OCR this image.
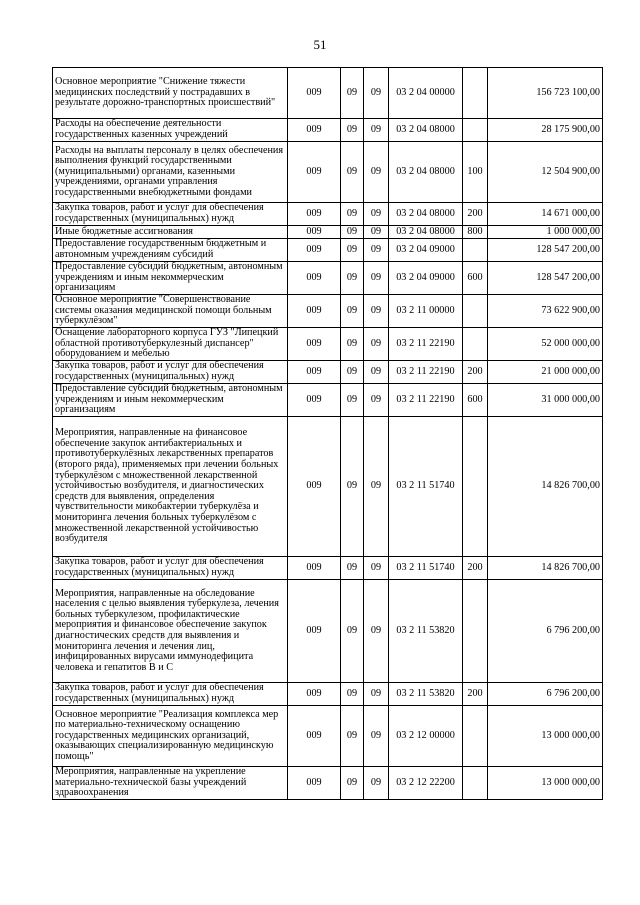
51
Основное мероприятие "Снижение тяжести медицинских последствий у пострадавших в результате дорожно-транспортных происшествий"	009	09	09	03 2 04 00000		156 723 100,00
Расходы на обеспечение деятельности государственных казенных учреждений	009	09	09	03 2 04 08000		28 175 900,00
Расходы на выплаты персоналу в целях обеспечения выполнения функций государственными (муниципальными) органами, казенными учреждениями, органами управления государственными внебюджетными фондами	009	09	09	03 2 04 08000	100	12 504 900,00
Закупка товаров, работ и услуг для обеспечения государственных (муниципальных) нужд	009	09	09	03 2 04 08000	200	14 671 000,00
Иные бюджетные ассигнования	009	09	09	03 2 04 08000	800	1 000 000,00
Предоставление государственным бюджетным и автономным учреждениям субсидий	009	09	09	03 2 04 09000		128 547 200,00
Предоставление субсидий бюджетным, автономным учреждениям и иным некоммерческим организациям	009	09	09	03 2 04 09000	600	128 547 200,00
Основное мероприятие "Совершенствование системы оказания медицинской помощи больным туберкулёзом"	009	09	09	03 2 11 00000		73 622 900,00
Оснащение лабораторного корпуса ГУЗ "Липецкий областной противотуберкулезный диспансер" оборудованием и мебелью	009	09	09	03 2 11 22190		52 000 000,00
Закупка товаров, работ и услуг для обеспечения государственных (муниципальных) нужд	009	09	09	03 2 11 22190	200	21 000 000,00
Предоставление субсидий бюджетным, автономным учреждениям и иным некоммерческим организациям	009	09	09	03 2 11 22190	600	31 000 000,00
Мероприятия, направленные на финансовое обеспечение закупок антибактериальных и противотуберкулёзных лекарственных препаратов (второго ряда), применяемых при лечении больных туберкулёзом с множественной лекарственной устойчивостью возбудителя, и диагностических средств для выявления, определения чувствительности микобактерии туберкулёза и мониторинга лечения больных туберкулёзом с множественной лекарственной устойчивостью возбудителя	009	09	09	03 2 11 51740		14 826 700,00
Закупка товаров, работ и услуг для обеспечения государственных (муниципальных) нужд	009	09	09	03 2 11 51740	200	14 826 700,00
Мероприятия, направленные на обследование населения с целью выявления туберкулеза, лечения больных туберкулезом, профилактические мероприятия и финансовое обеспечение закупок диагностических средств для выявления и мониторинга лечения и лечения лиц, инфицированных вирусами иммунодефицита человека и гепатитов B и C	009	09	09	03 2 11 53820		6 796 200,00
Закупка товаров, работ и услуг для обеспечения государственных (муниципальных) нужд	009	09	09	03 2 11 53820	200	6 796 200,00
Основное мероприятие "Реализация комплекса мер по материально-техническому оснащению государственных медицинских организаций, оказывающих специализированную медицинскую помощь"	009	09	09	03 2 12 00000		13 000 000,00
Мероприятия, направленные на укрепление материально-технической базы учреждений здравоохранения	009	09	09	03 2 12 22200		13 000 000,00
